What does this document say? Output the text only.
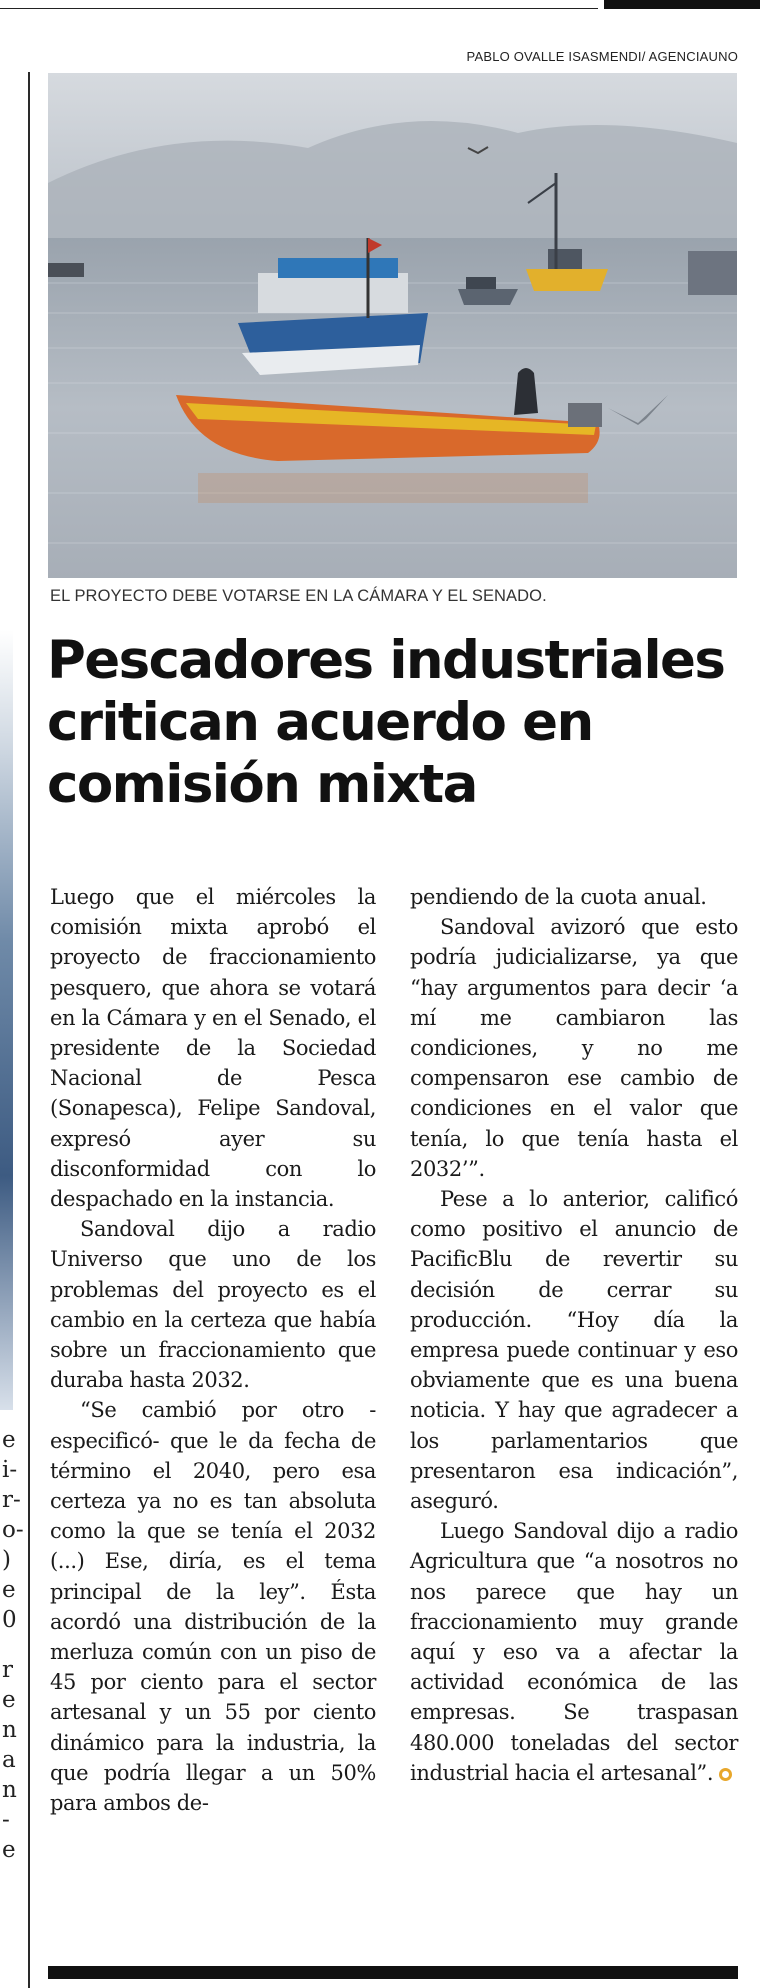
e
i-
r-
o-
)
e
0
r
e
n
a
n
-
e
PABLO OVALLE ISASMENDI/ AGENCIAUNO
EL PROYECTO DEBE VOTARSE EN LA CÁMARA Y EL SENADO.
Pescadores industriales
critican acuerdo en
comisión mixta

Luego que el miércoles la comisión mixta aprobó el proyecto de fraccionamiento pesquero, que ahora se votará en la Cámara y en el Senado, el presidente de la Sociedad Nacional de Pesca (Sonapesca), Felipe Sandoval, expresó ayer su disconformidad con lo despachado en la instancia.

Sandoval dijo a radio Universo que uno de los problemas del proyecto es el cambio en la certeza que había sobre un fraccionamiento que duraba hasta 2032.

“Se cambió por otro -especificó- que le da fecha de término el 2040, pero esa certeza ya no es tan absoluta como la que se tenía el 2032 (...) Ese, diría, es el tema principal de la ley”. Ésta acordó una distribución de la merluza común con un piso de 45 por ciento para el sector artesanal y un 55 por ciento dinámico para la industria, la que podría llegar a un 50% para ambos de-

pendiendo de la cuota anual.

Sandoval avizoró que esto podría judicializarse, ya que “hay argumentos para decir ‘a mí me cambiaron las condiciones, y no me compensaron ese cambio de condiciones en el valor que tenía, lo que tenía hasta el 2032’”.

Pese a lo anterior, calificó como positivo el anuncio de PacificBlu de revertir su decisión de cerrar su producción. “Hoy día la empresa puede continuar y eso obviamente que es una buena noticia. Y hay que agradecer a los parlamentarios que presentaron esa indicación”, aseguró.

Luego Sandoval dijo a radio Agricultura que “a nosotros no nos parece que hay un fraccionamiento muy grande aquí y eso va a afectar la actividad económica de las empresas. Se traspasan 480.000 toneladas del sector industrial hacia el artesanal”.
